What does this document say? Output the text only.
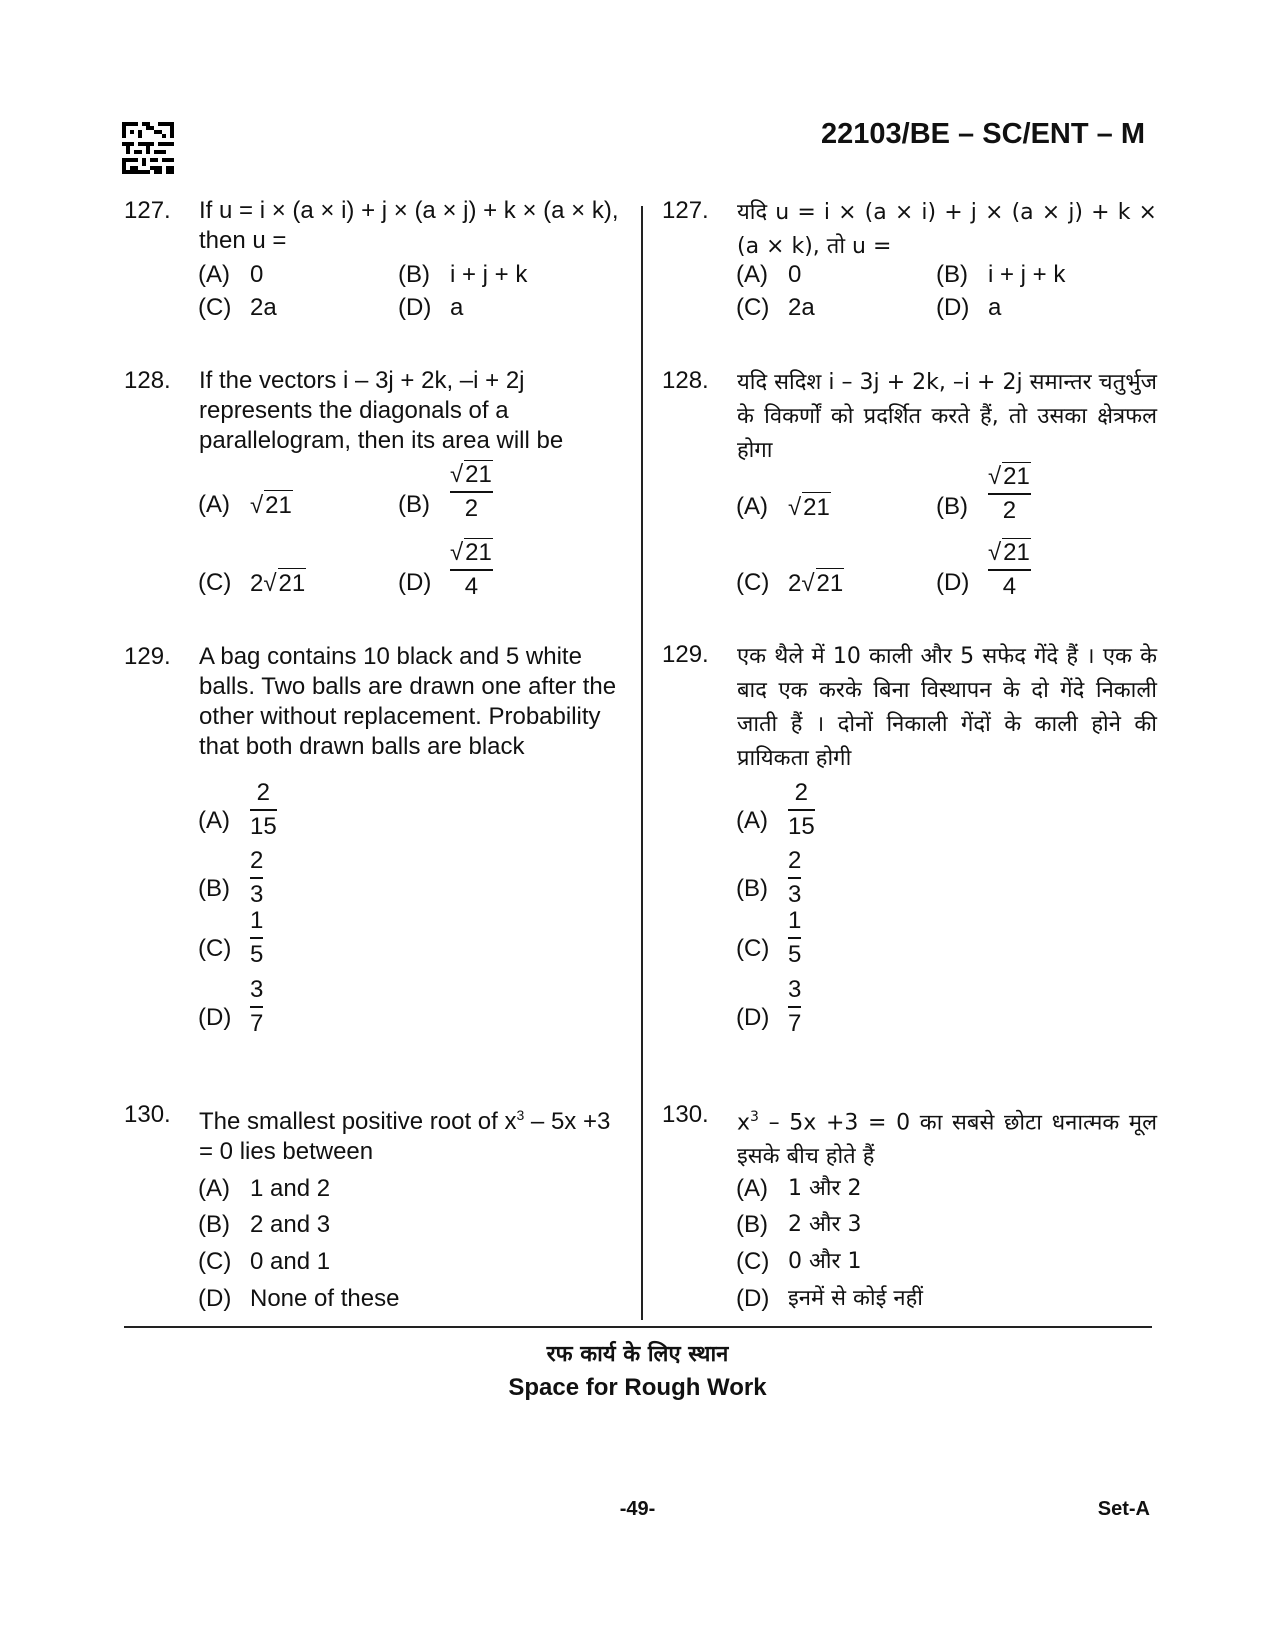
22103/BE – SC/ENT – M
127. If u = i × (a × i) + j × (a × j) + k × (a × k), then u =
(A) 0	(B) i + j + k
(C) 2a	(D) a
127. यदि u = i × (a × i) + j × (a × j) + k × (a × k), तो u =
(A) 0	(B) i + j + k
(C) 2a	(D) a
128. If the vectors i – 3j + 2k, –i + 2j represents the diagonals of a parallelogram, then its area will be
(A) √21	(B)
√21
2
(C) 2√21	(D)
√21
4
128. यदि सदिश i – 3j + 2k, –i + 2j समान्तर चतुर्भुज के विकर्णों को प्रदर्शित करते हैं, तो उसका क्षेत्रफल होगा
(A) √21	(B)
√21
2
(C) 2√21	(D)
√21
4
129. A bag contains 10 black and 5 white balls. Two balls are drawn one after the other without replacement. Probability that both drawn balls are black
(A)
2
15
(B)
2
3
(C)
1
5
(D)
3
7
129. एक थैले में 10 काली और 5 सफेद गेंदे हैं । एक के बाद एक करके बिना विस्थापन के दो गेंदे निकाली जाती हैं । दोनों निकाली गेंदों के काली होने की प्रायिकता होगी
(A)
2
15
(B)
2
3
(C)
1
5
(D)
3
7
130. The smallest positive root of $x^3 - 5x +3 = 0$ lies between
(A) 1 and 2
(B) 2 and 3
(C) 0 and 1
(D) None of these
130. $x^3 - 5x +3 = 0$ का सबसे छोटा धनात्मक मूल इसके बीच होते हैं
(A) 1 और 2
(B) 2 और 3
(C) 0 और 1
(D) इनमें से कोई नहीं
रफ कार्य के लिए स्थान
Space for Rough Work
-49-	Set-A
